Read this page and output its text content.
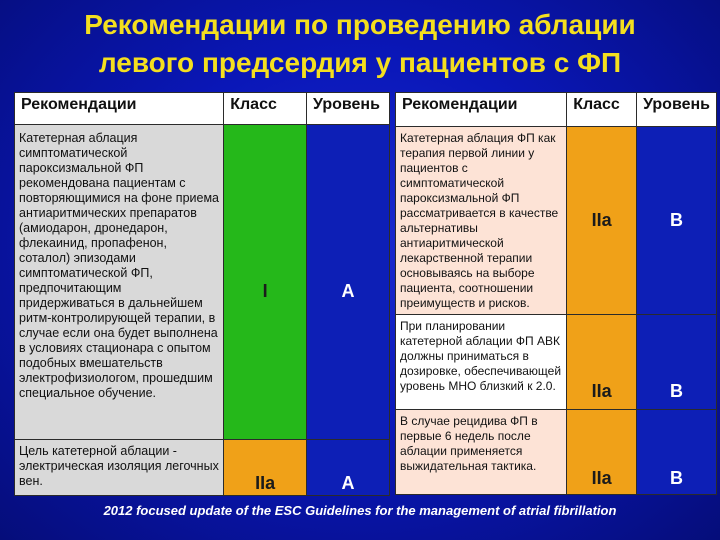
Рекомендации по проведению аблации
левого предсердия у пациентов с ФП
Рекомендации	Класс	Уровень
Катетерная аблация симптоматической пароксизмальной ФП рекомендована пациентам с повторяющимися на фоне приема антиаритмических препаратов (амиодарон, дронедарон, флекаинид, пропафенон, соталол) эпизодами симптоматической ФП, предпочитающим придерживаться в дальнейшем ритм-контролирующей терапии, в случае если она будет выполнена в условиях стационара с опытом подобных вмешательств электрофизиологом, прошедшим специальное обучение.	I	A
Цель катетерной аблации - электрическая изоляция легочных вен.	IIa	A
Рекомендации	Класс	Уровень
Катетерная аблация ФП как терапия первой линии у пациентов с симптоматической пароксизмальной ФП рассматривается в качестве альтернативы антиаритмической лекарственной терапии основываясь на выборе пациента, соотношении преимуществ и рисков.	IIa	B
При планировании катетерной аблации ФП АВК должны приниматься в дозировке, обеспечивающей уровень МНО близкий к 2.0.	IIa	B
В случае рецидива ФП в первые 6 недель после аблации применяется выжидательная тактика.	IIa	B
2012 focused update of the ESC Guidelines for the management of atrial fibrillation
